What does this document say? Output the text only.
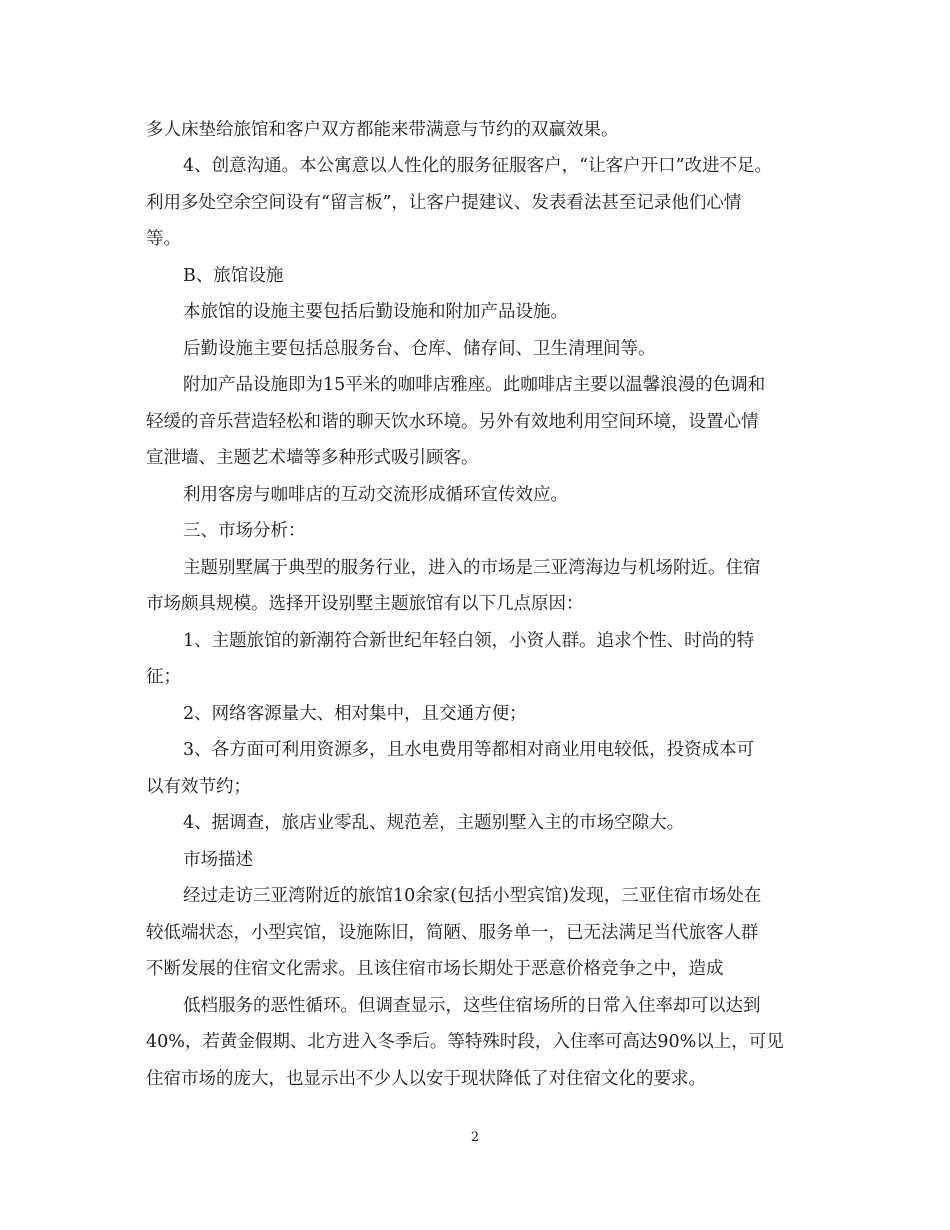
多人床垫给旅馆和客户双方都能来带满意与节约的双赢效果。
4、创意沟通。本公寓意以人性化的服务征服客户，“让客户开口”改进不足。
利用多处空余空间设有“留言板”，让客户提建议、发表看法甚至记录他们心情
等。
B、旅馆设施
本旅馆的设施主要包括后勤设施和附加产品设施。
后勤设施主要包括总服务台、仓库、储存间、卫生清理间等。
附加产品设施即为15平米的咖啡店雅座。此咖啡店主要以温馨浪漫的色调和
轻缓的音乐营造轻松和谐的聊天饮水环境。另外有效地利用空间环境，设置心情
宣泄墙、主题艺术墙等多种形式吸引顾客。
利用客房与咖啡店的互动交流形成循环宣传效应。
三、市场分析：
主题别墅属于典型的服务行业，进入的市场是三亚湾海边与机场附近。住宿
市场颇具规模。选择开设别墅主题旅馆有以下几点原因：
1、主题旅馆的新潮符合新世纪年轻白领，小资人群。追求个性、时尚的特
征；
2、网络客源量大、相对集中，且交通方便；
3、各方面可利用资源多，且水电费用等都相对商业用电较低，投资成本可
以有效节约；
4、据调查，旅店业零乱、规范差，主题别墅入主的市场空隙大。
市场描述
经过走访三亚湾附近的旅馆10余家(包括小型宾馆)发现，三亚住宿市场处在
较低端状态，小型宾馆，设施陈旧，简陋、服务单一，已无法满足当代旅客人群
不断发展的住宿文化需求。且该住宿市场长期处于恶意价格竞争之中，造成
低档服务的恶性循环。但调查显示，这些住宿场所的日常入住率却可以达到
40%，若黄金假期、北方进入冬季后。等特殊时段，入住率可高达90%以上，可见
住宿市场的庞大，也显示出不少人以安于现状降低了对住宿文化的要求。
2
